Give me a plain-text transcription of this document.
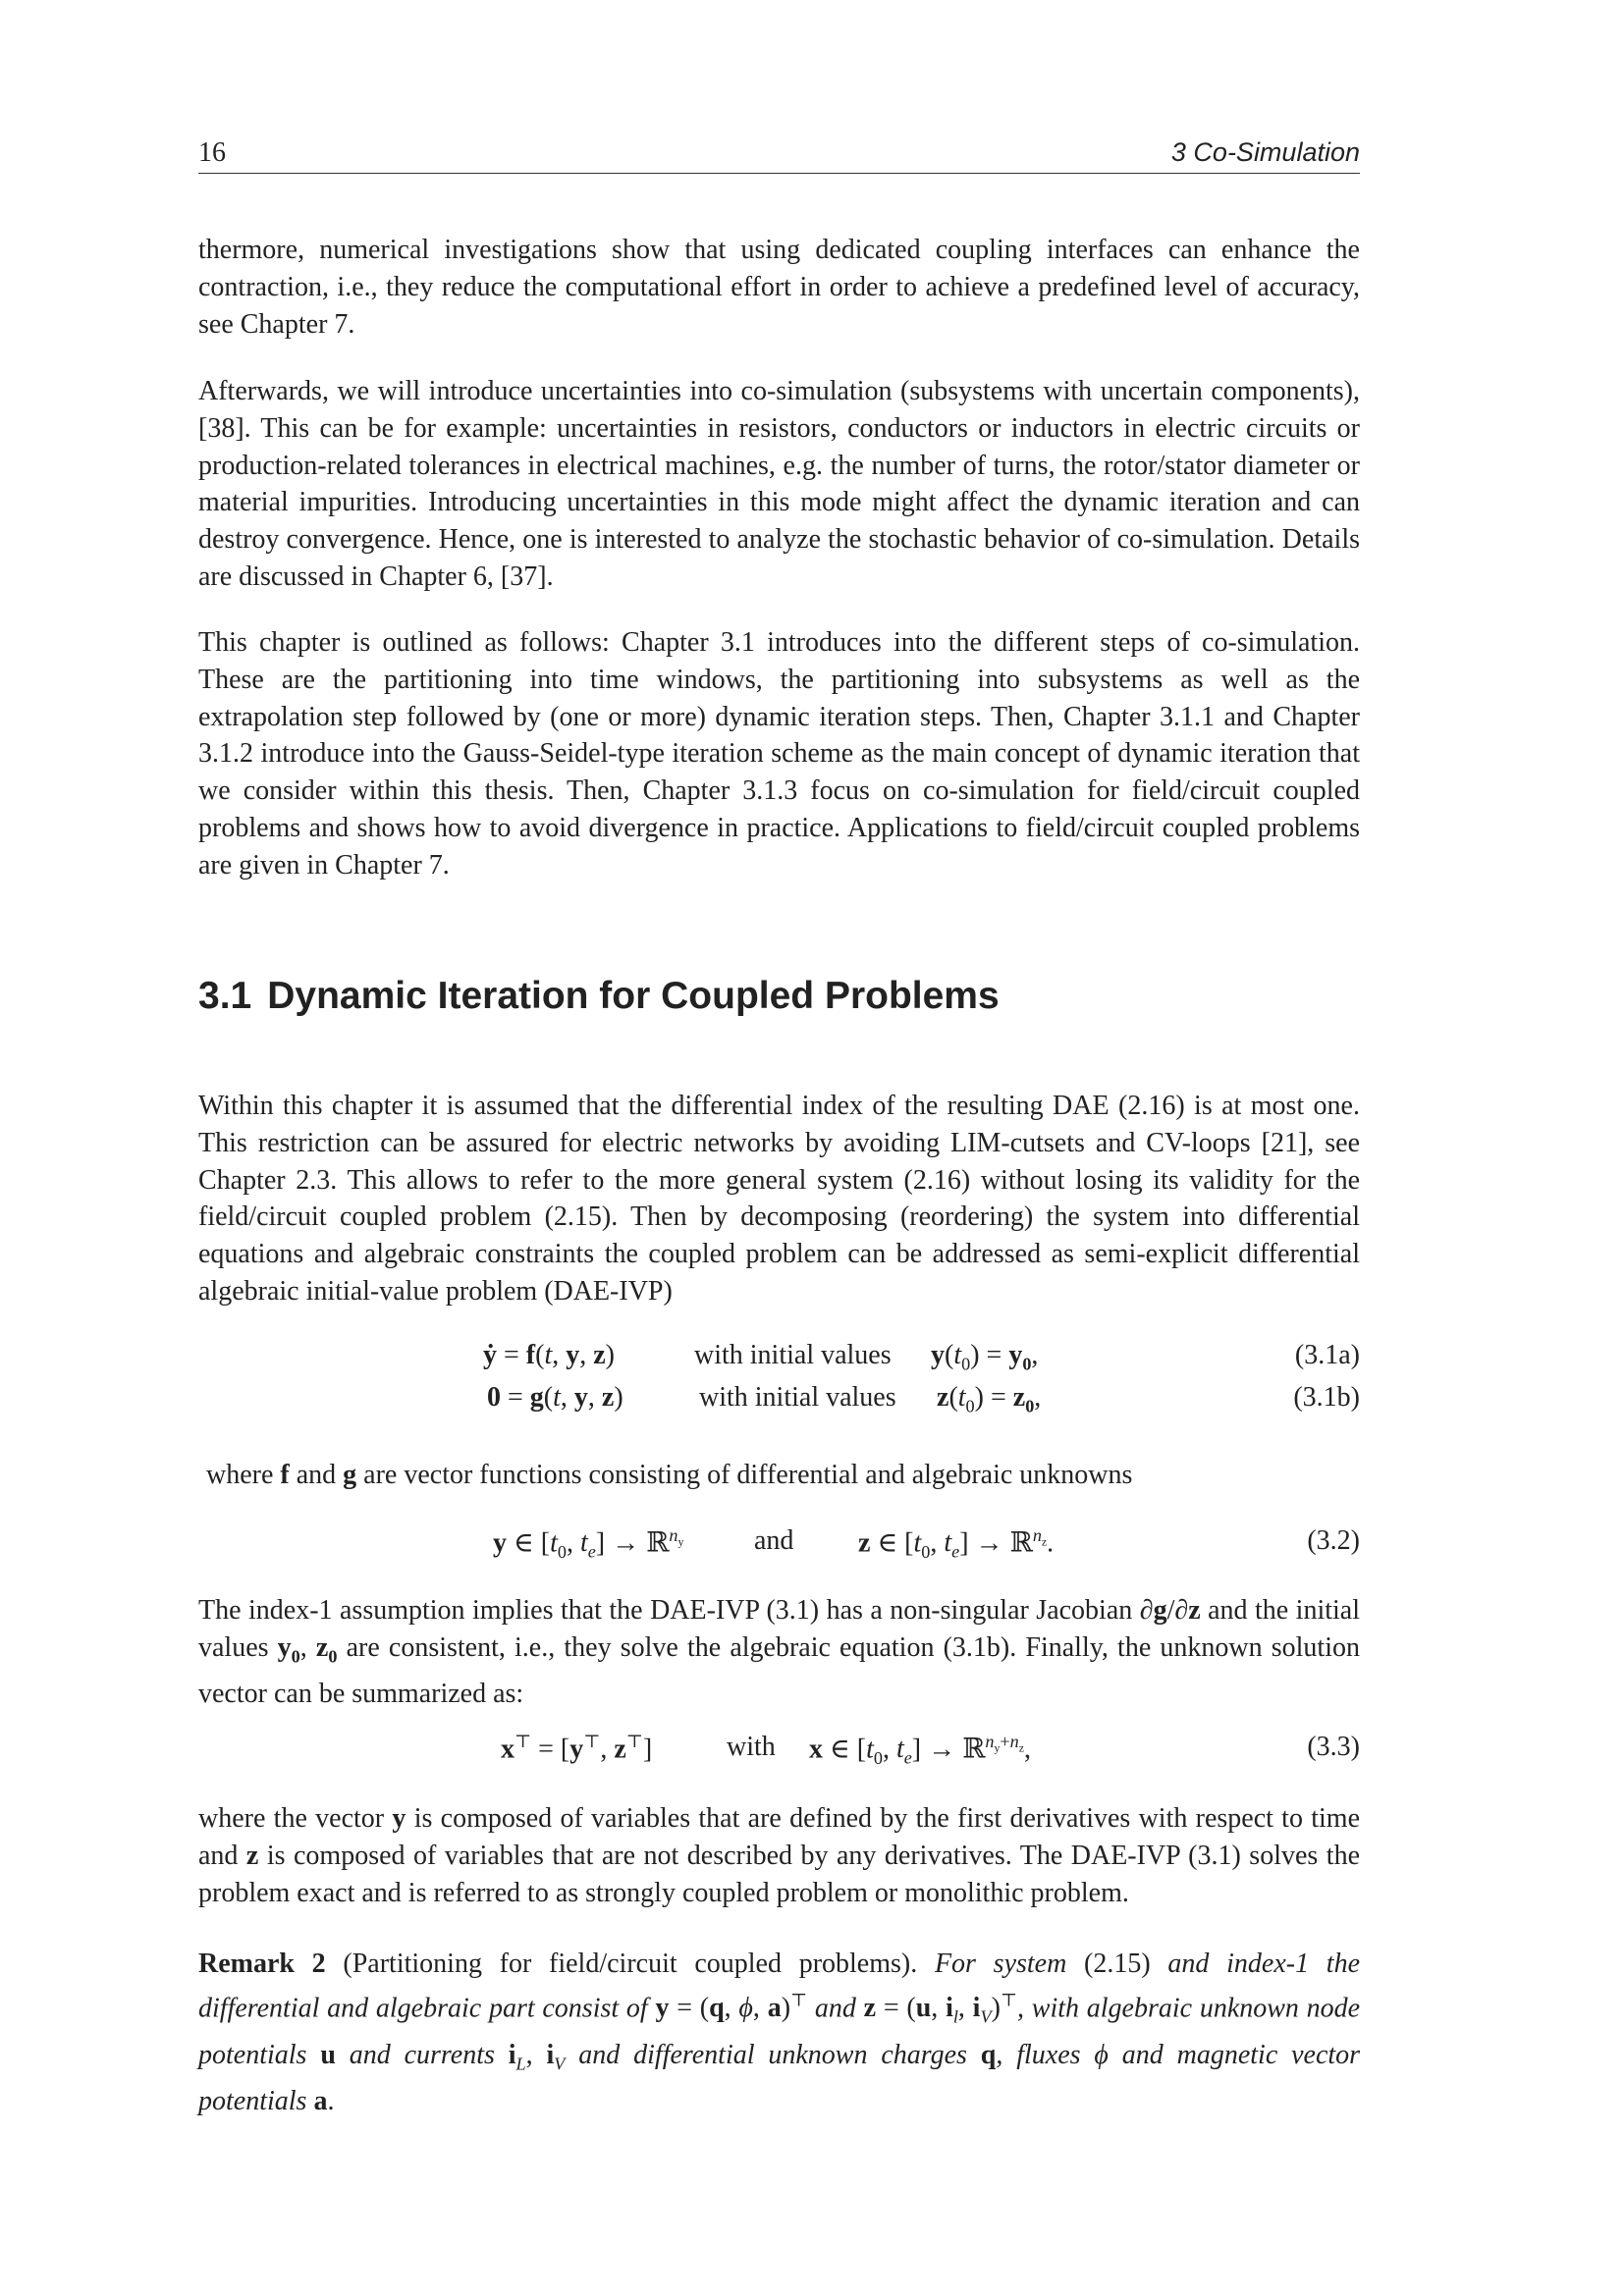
16	3 Co-Simulation

thermore, numerical investigations show that using dedicated coupling interfaces can enhance the contraction, i.e., they reduce the computational effort in order to achieve a predefined level of accuracy, see Chapter 7.

Afterwards, we will introduce uncertainties into co-simulation (subsystems with uncertain components), [38]. This can be for example: uncertainties in resistors, conductors or inductors in electric circuits or production-related tolerances in electrical machines, e.g. the number of turns, the rotor/stator diameter or material impurities. Introducing uncertainties in this mode might affect the dynamic iteration and can destroy convergence. Hence, one is interested to analyze the stochastic behavior of co-simulation. Details are discussed in Chapter 6, [37].

This chapter is outlined as follows: Chapter 3.1 introduces into the different steps of co-simulation. These are the partitioning into time windows, the partitioning into subsystems as well as the extrapolation step followed by (one or more) dynamic iteration steps. Then, Chapter 3.1.1 and Chapter 3.1.2 introduce into the Gauss-Seidel-type iteration scheme as the main concept of dynamic iteration that we consider within this thesis. Then, Chapter 3.1.3 focus on co-simulation for field/circuit coupled problems and shows how to avoid divergence in practice. Applications to field/circuit coupled problems are given in Chapter 7.

3.1 Dynamic Iteration for Coupled Problems

Within this chapter it is assumed that the differential index of the resulting DAE (2.16) is at most one. This restriction can be assured for electric networks by avoiding LIM-cutsets and CV-loops [21], see Chapter 2.3. This allows to refer to the more general system (2.16) without losing its validity for the field/circuit coupled problem (2.15). Then by decomposing (reordering) the system into differential equations and algebraic constraints the coupled problem can be addressed as semi-explicit differential algebraic initial-value problem (DAE-IVP)

ẏ = f(t, y, z)	with initial values $y(t_0) = y_0$,	(3.1a)
0 = g(t, y, z)	with initial values $z(t_0) = z_0$,	(3.1b)

where f and g are vector functions consisting of differential and algebraic unknowns

y ∈ [$t_0$, $t_e$] → ℝ$^{n_y}$	and z ∈ [$t_0$, $t_e$] → ℝ$^{n_z}$.	(3.2)

The index-1 assumption implies that the DAE-IVP (3.1) has a non-singular Jacobian ∂g/∂z and the initial values $y_0$, $z_0$ are consistent, i.e., they solve the algebraic equation (3.1b). Finally, the unknown solution vector can be summarized as:

x⊤ = [y⊤, z⊤]	with x ∈ [$t_0$, $t_e$] → ℝ$^{n_y+n_z}$,	(3.3)

where the vector y is composed of variables that are defined by the first derivatives with respect to time and z is composed of variables that are not described by any derivatives. The DAE-IVP (3.1) solves the problem exact and is referred to as strongly coupled problem or monolithic problem.

Remark 2 (Partitioning for field/circuit coupled problems). For system (2.15) and index-1 the differential and algebraic part consist of y = (q, ϕ, a)⊤ and z = (u, $i_l$, $i_V)^⊤$, with algebraic unknown node potentials u and currents $i_L$, $i_V$ and differential unknown charges q, fluxes ϕ and magnetic vector potentials a.
